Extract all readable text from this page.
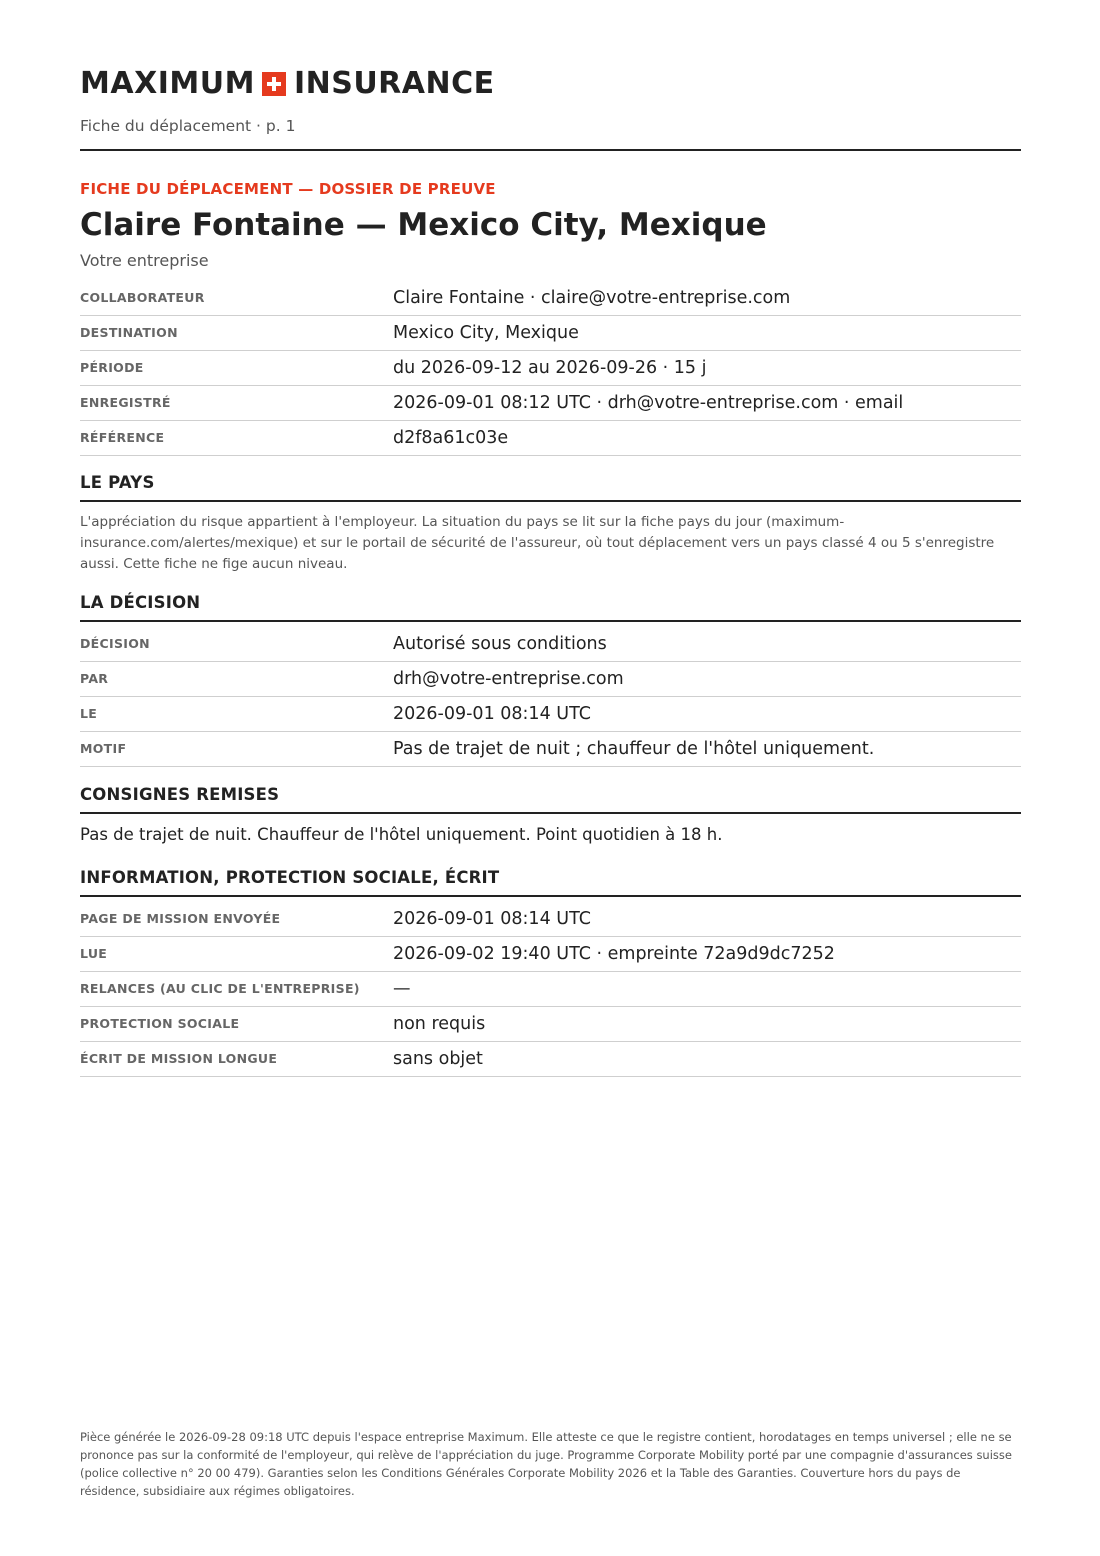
MAXIMUM INSURANCE
Fiche du déplacement · p. 1
FICHE DU DÉPLACEMENT — DOSSIER DE PREUVE
Claire Fontaine — Mexico City, Mexique
Votre entreprise
COLLABORATEUR	Claire Fontaine · claire@votre-entreprise.com
DESTINATION	Mexico City, Mexique
PÉRIODE	du 2026-09-12 au 2026-09-26 · 15 j
ENREGISTRÉ	2026-09-01 08:12 UTC · drh@votre-entreprise.com · email
RÉFÉRENCE	d2f8a61c03e
LE PAYS
L'appréciation du risque appartient à l'employeur. La situation du pays se lit sur la fiche pays du jour (maximum-insurance.com/alertes/mexique) et sur le portail de sécurité de l'assureur, où tout déplacement vers un pays classé 4 ou 5 s'enregistre aussi. Cette fiche ne fige aucun niveau.
LA DÉCISION
DÉCISION	Autorisé sous conditions
PAR	drh@votre-entreprise.com
LE	2026-09-01 08:14 UTC
MOTIF	Pas de trajet de nuit ; chauffeur de l'hôtel uniquement.
CONSIGNES REMISES
Pas de trajet de nuit. Chauffeur de l'hôtel uniquement. Point quotidien à 18 h.
INFORMATION, PROTECTION SOCIALE, ÉCRIT
PAGE DE MISSION ENVOYÉE	2026-09-01 08:14 UTC
LUE	2026-09-02 19:40 UTC · empreinte 72a9d9dc7252
RELANCES (AU CLIC DE L'ENTREPRISE) —
PROTECTION SOCIALE	non requis
ÉCRIT DE MISSION LONGUE	sans objet
Pièce générée le 2026-09-28 09:18 UTC depuis l'espace entreprise Maximum. Elle atteste ce que le registre contient, horodatages en temps universel ; elle ne se prononce pas sur la conformité de l'employeur, qui relève de l'appréciation du juge. Programme Corporate Mobility porté par une compagnie d'assurances suisse (police collective n° 20 00 479). Garanties selon les Conditions Générales Corporate Mobility 2026 et la Table des Garanties. Couverture hors du pays de résidence, subsidiaire aux régimes obligatoires.
